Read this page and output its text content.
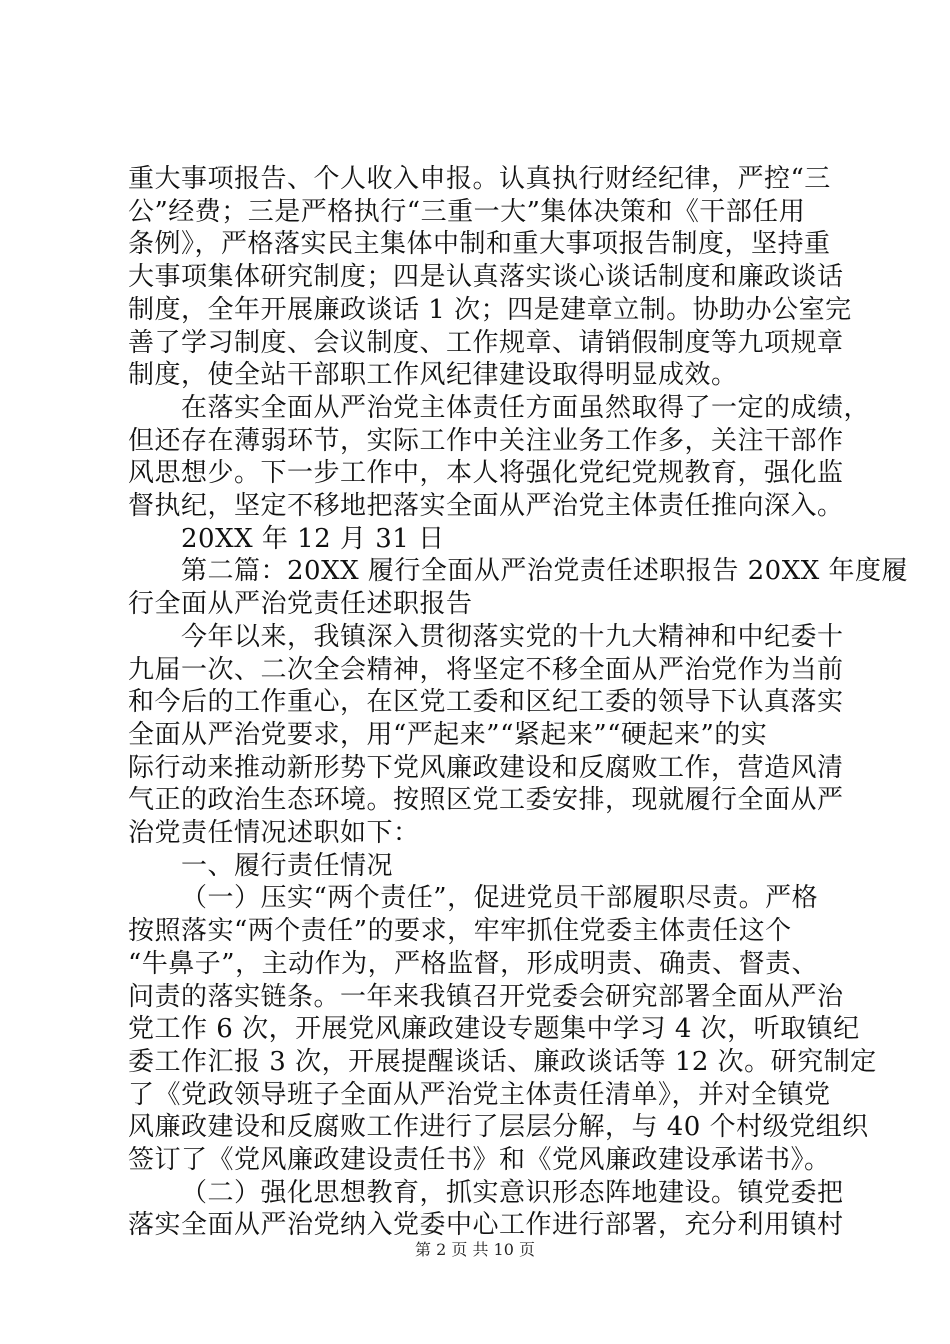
重大事项报告、个人收入申报。认真执行财经纪律，严控“三
公”经费；三是严格执行“三重一大”集体决策和《干部任用
条例》，严格落实民主集体中制和重大事项报告制度，坚持重
大事项集体研究制度；四是认真落实谈心谈话制度和廉政谈话
制度，全年开展廉政谈话 1 次；四是建章立制。协助办公室完
善了学习制度、会议制度、工作规章、请销假制度等九项规章
制度，使全站干部职工作风纪律建设取得明显成效。
在落实全面从严治党主体责任方面虽然取得了一定的成绩，
但还存在薄弱环节，实际工作中关注业务工作多，关注干部作
风思想少。下一步工作中，本人将强化党纪党规教育，强化监
督执纪，坚定不移地把落实全面从严治党主体责任推向深入。
20XX 年 12 月 31 日
第二篇：20XX 履行全面从严治党责任述职报告 20XX 年度履
行全面从严治党责任述职报告
今年以来，我镇深入贯彻落实党的十九大精神和中纪委十
九届一次、二次全会精神，将坚定不移全面从严治党作为当前
和今后的工作重心，在区党工委和区纪工委的领导下认真落实
全面从严治党要求，用“严起来”“紧起来”“硬起来”的实
际行动来推动新形势下党风廉政建设和反腐败工作，营造风清
气正的政治生态环境。按照区党工委安排，现就履行全面从严
治党责任情况述职如下：
一、履行责任情况
（一）压实“两个责任”，促进党员干部履职尽责。严格
按照落实“两个责任”的要求，牢牢抓住党委主体责任这个
“牛鼻子”，主动作为，严格监督，形成明责、确责、督责、
问责的落实链条。一年来我镇召开党委会研究部署全面从严治
党工作 6 次，开展党风廉政建设专题集中学习 4 次，听取镇纪
委工作汇报 3 次，开展提醒谈话、廉政谈话等 12 次。研究制定
了《党政领导班子全面从严治党主体责任清单》，并对全镇党
风廉政建设和反腐败工作进行了层层分解，与 40 个村级党组织
签订了《党风廉政建设责任书》和《党风廉政建设承诺书》。
（二）强化思想教育，抓实意识形态阵地建设。镇党委把
落实全面从严治党纳入党委中心工作进行部署，充分利用镇村
第 2 页 共 10 页
